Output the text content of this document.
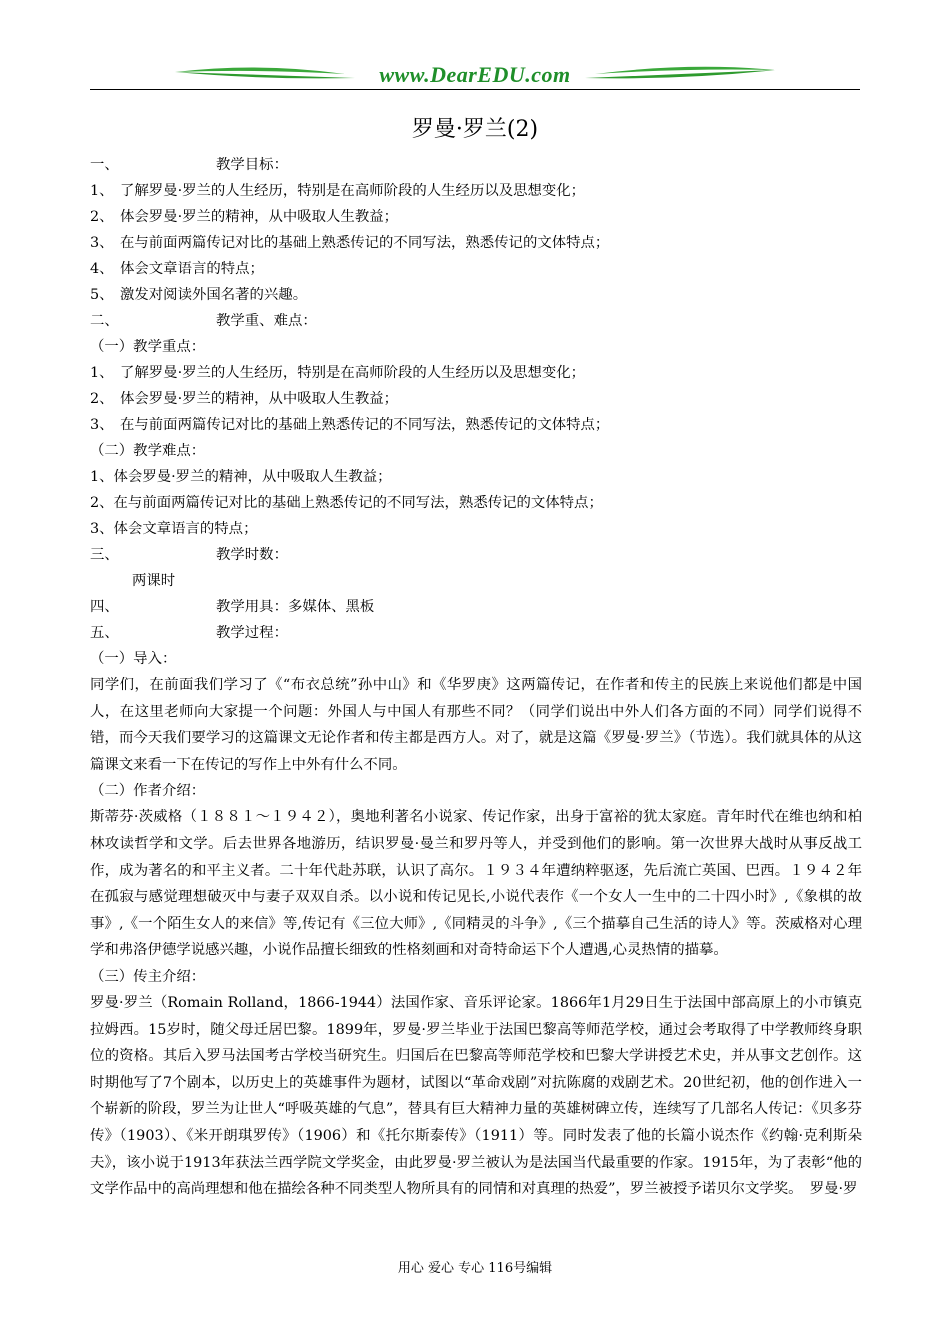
www.DearEDU.com
罗曼·罗兰(2)
一、	教学目标：
1、 了解罗曼·罗兰的人生经历，特别是在高师阶段的人生经历以及思想变化；
2、 体会罗曼·罗兰的精神，从中吸取人生教益；
3、 在与前面两篇传记对比的基础上熟悉传记的不同写法，熟悉传记的文体特点；
4、 体会文章语言的特点；
5、 激发对阅读外国名著的兴趣。
二、	教学重、难点：
（一）教学重点：
1、 了解罗曼·罗兰的人生经历，特别是在高师阶段的人生经历以及思想变化；
2、 体会罗曼·罗兰的精神，从中吸取人生教益；
3、 在与前面两篇传记对比的基础上熟悉传记的不同写法，熟悉传记的文体特点；
（二）教学难点：
1、体会罗曼·罗兰的精神，从中吸取人生教益；
2、在与前面两篇传记对比的基础上熟悉传记的不同写法，熟悉传记的文体特点；
3、体会文章语言的特点；
三、	教学时数：
两课时
四、	教学用具：多媒体、黑板
五、	教学过程：
（一）导入：
同学们，在前面我们学习了《“布衣总统”孙中山》和《华罗庚》这两篇传记，在作者和传主的民族上来说他们都是中国人，在这里老师向大家提一个问题：外国人与中国人有那些不同？（同学们说出中外人们各方面的不同）同学们说得不错，而今天我们要学习的这篇课文无论作者和传主都是西方人。对了，就是这篇《罗曼·罗兰》（节选）。我们就具体的从这篇课文来看一下在传记的写作上中外有什么不同。
（二）作者介绍：
斯蒂芬·茨威格（１８８１～１９４２），奥地利著名小说家、传记作家，出身于富裕的犹太家庭。青年时代在维也纳和柏林攻读哲学和文学。后去世界各地游历，结识罗曼·曼兰和罗丹等人，并受到他们的影响。第一次世界大战时从事反战工作，成为著名的和平主义者。二十年代赴苏联，认识了高尔。１９３４年遭纳粹驱逐，先后流亡英国、巴西。１９４２年在孤寂与感觉理想破灭中与妻子双双自杀。以小说和传记见长,小说代表作《一个女人一生中的二十四小时》,《象棋的故事》,《一个陌生女人的来信》等,传记有《三位大师》,《同精灵的斗争》,《三个描摹自己生活的诗人》等。茨威格对心理学和弗洛伊德学说感兴趣，小说作品擅长细致的性格刻画和对奇特命运下个人遭遇,心灵热情的描摹。
（三）传主介绍：
罗曼·罗兰（Romain Rolland，1866-1944）法国作家、音乐评论家。1866年1月29日生于法国中部高原上的小市镇克拉姆西。15岁时，随父母迁居巴黎。1899年，罗曼·罗兰毕业于法国巴黎高等师范学校，通过会考取得了中学教师终身职位的资格。其后入罗马法国考古学校当研究生。归国后在巴黎高等师范学校和巴黎大学讲授艺术史，并从事文艺创作。这时期他写了7个剧本，以历史上的英雄事件为题材，试图以“革命戏剧”对抗陈腐的戏剧艺术。20世纪初，他的创作进入一个崭新的阶段，罗兰为让世人“呼吸英雄的气息”，替具有巨大精神力量的英雄树碑立传，连续写了几部名人传记：《贝多芬传》（1903）、《米开朗琪罗传》（1906）和《托尔斯泰传》（1911）等。同时发表了他的长篇小说杰作《约翰·克利斯朵夫》，该小说于1913年获法兰西学院文学奖金，由此罗曼·罗兰被认为是法国当代最重要的作家。1915年，为了表彰“他的文学作品中的高尚理想和他在描绘各种不同类型人物所具有的同情和对真理的热爱”，罗兰被授予诺贝尔文学奖。　罗曼·罗
用心 爱心 专心 116号编辑
